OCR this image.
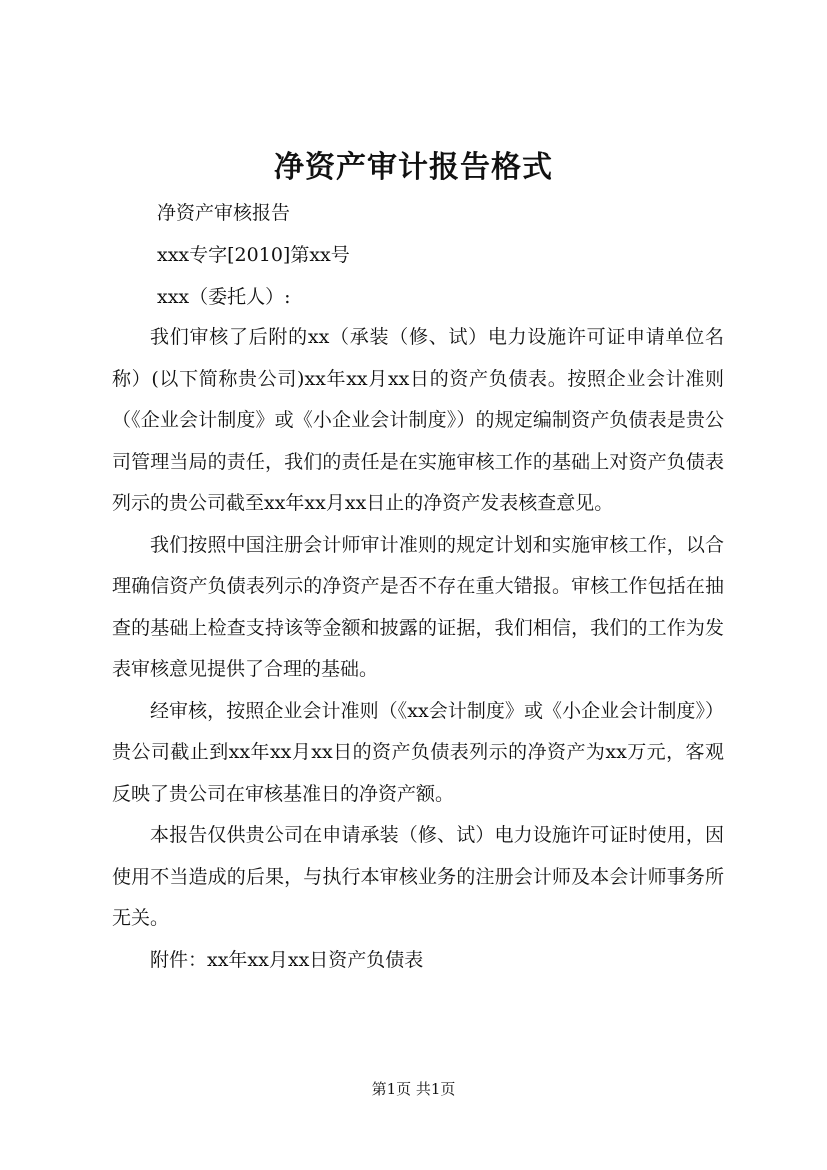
净资产审计报告格式
净资产审核报告
xxx专字[2010]第xx号
xxx（委托人）:

我们审核了后附的xx（承装（修、试）电力设施许可证申请单位名称）(以下简称贵公司)xx年xx月xx日的资产负债表。按照企业会计准则（《企业会计制度》或《小企业会计制度》）的规定编制资产负债表是贵公司管理当局的责任，我们的责任是在实施审核工作的基础上对资产负债表列示的贵公司截至xx年xx月xx日止的净资产发表核查意见。

我们按照中国注册会计师审计准则的规定计划和实施审核工作，以合理确信资产负债表列示的净资产是否不存在重大错报。审核工作包括在抽查的基础上检查支持该等金额和披露的证据，我们相信，我们的工作为发表审核意见提供了合理的基础。

经审核，按照企业会计准则（《xx会计制度》或《小企业会计制度》）贵公司截止到xx年xx月xx日的资产负债表列示的净资产为xx万元，客观反映了贵公司在审核基准日的净资产额。

本报告仅供贵公司在申请承装（修、试）电力设施许可证时使用，因使用不当造成的后果，与执行本审核业务的注册会计师及本会计师事务所无关。

附件：xx年xx月xx日资产负债表

第1页 共1页
